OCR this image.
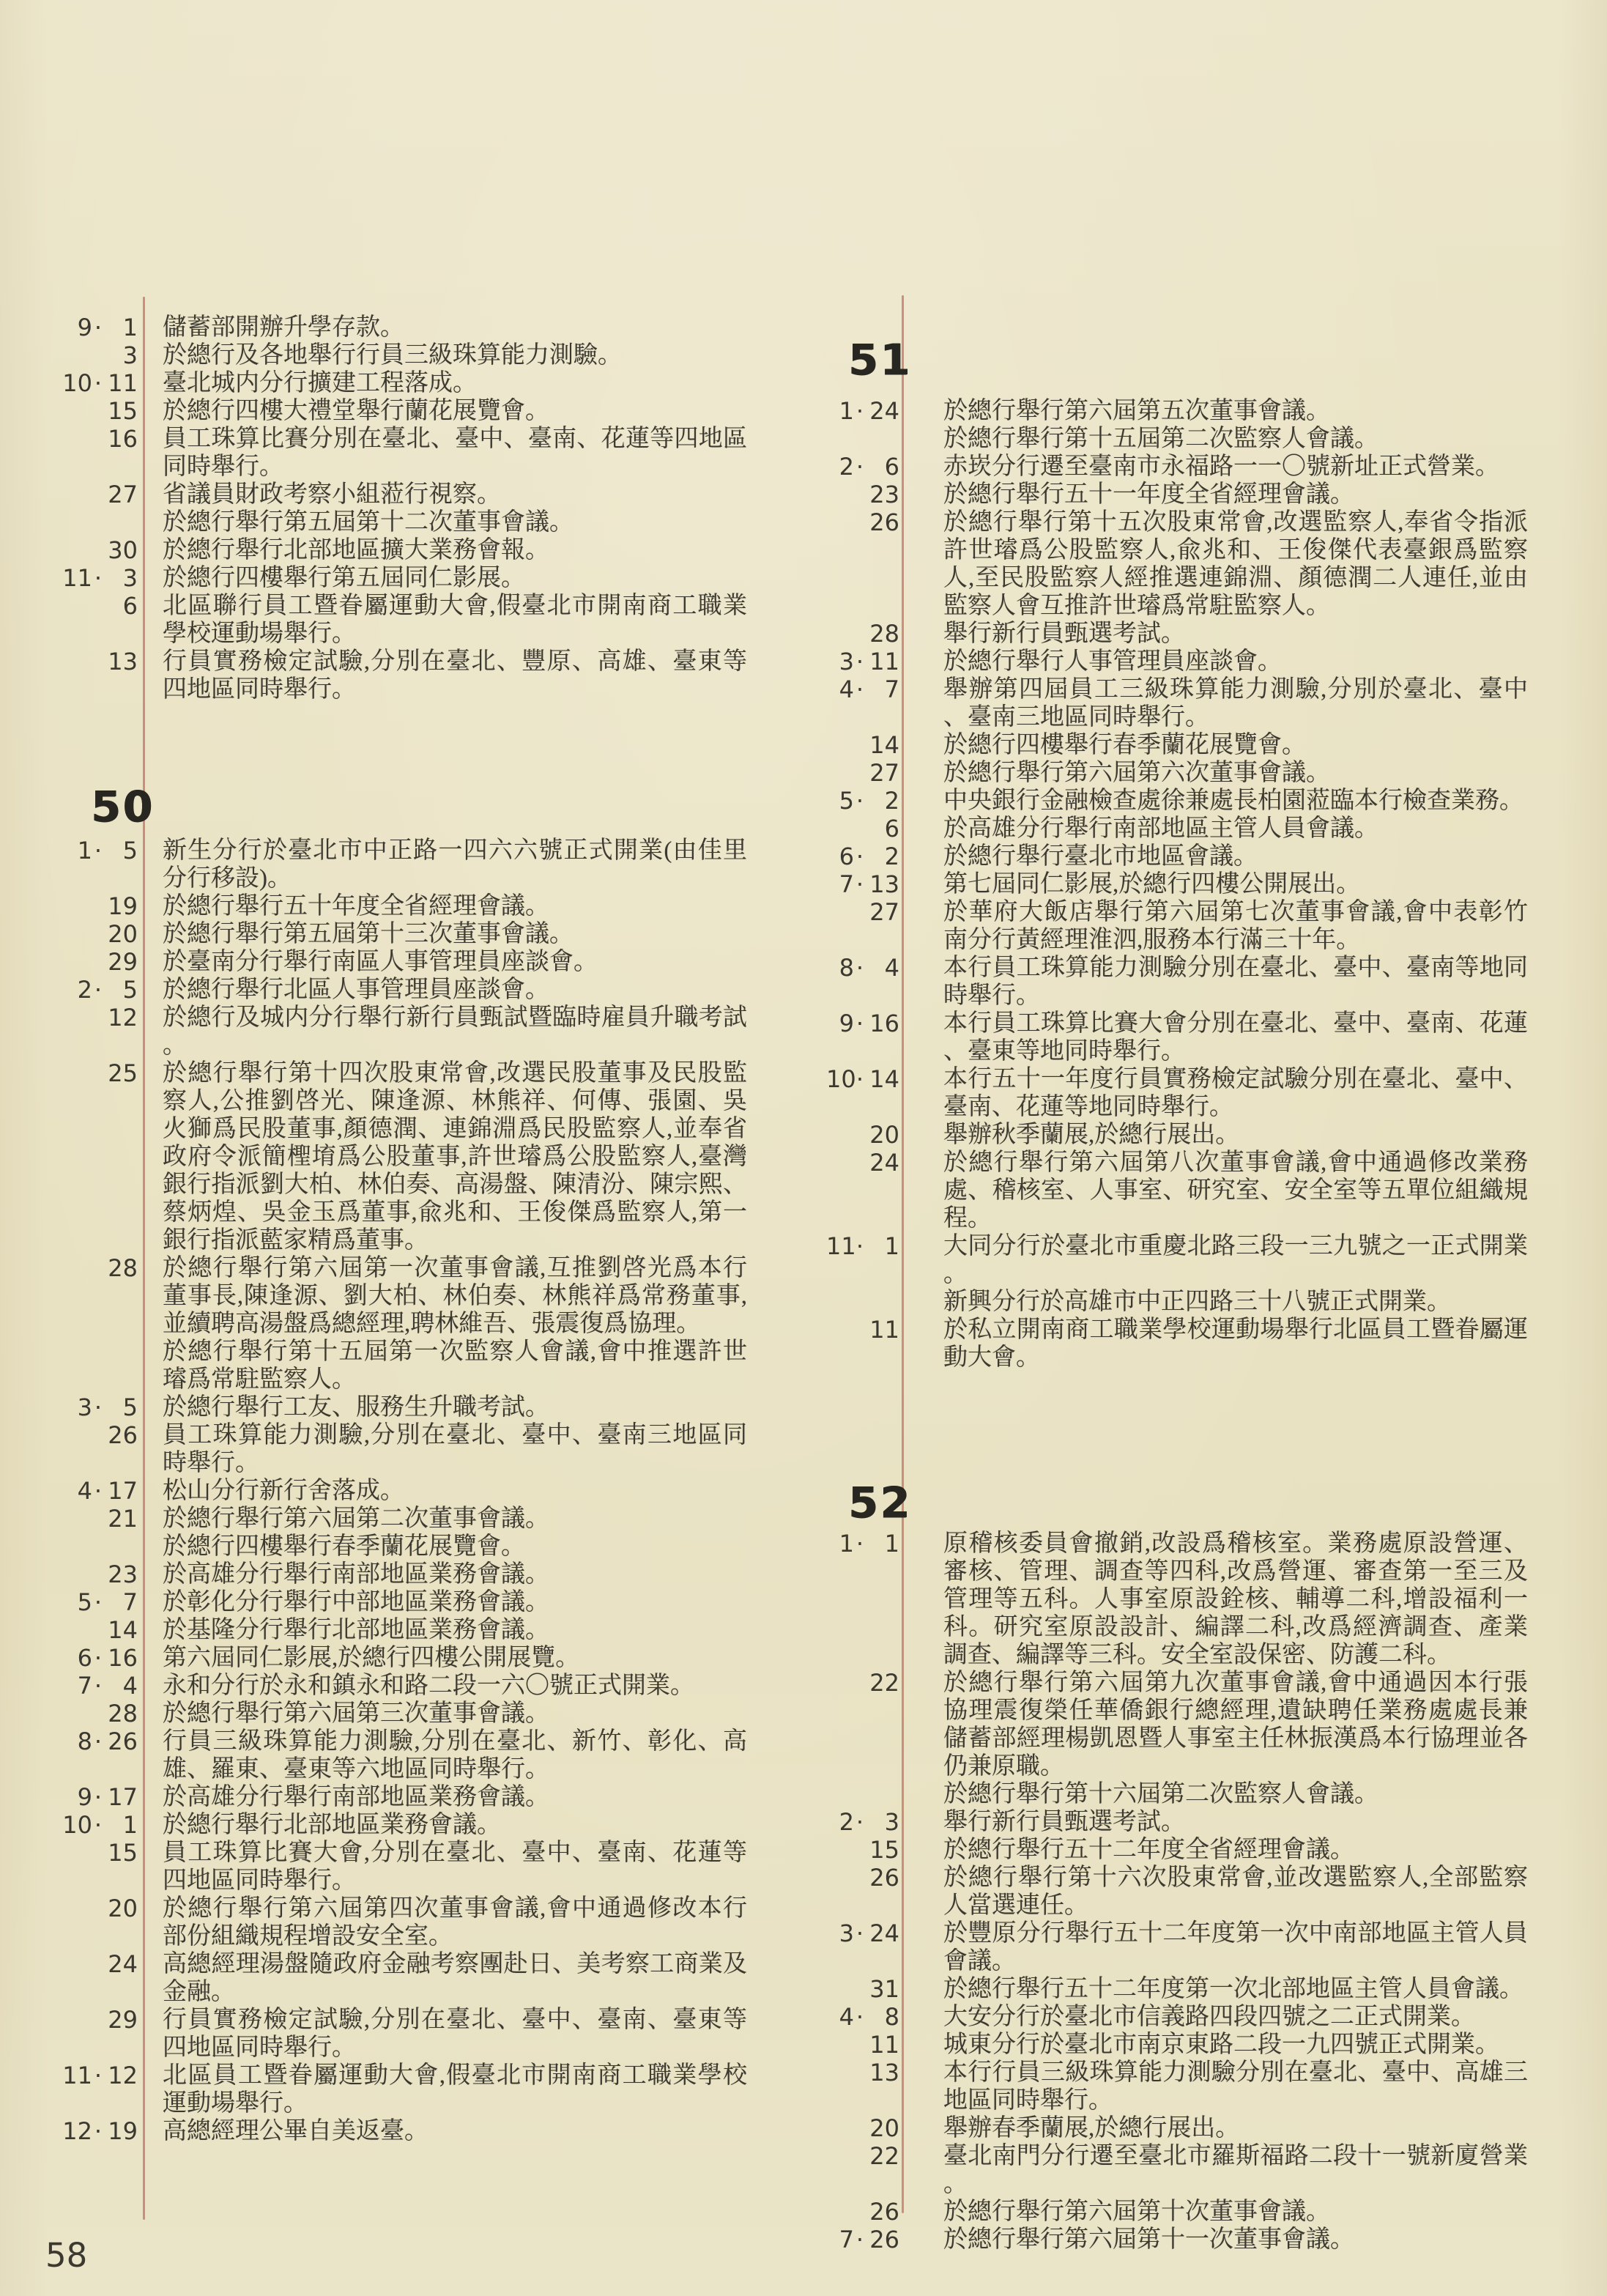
9 · 1 儲蓄部開辦升學存款。

3 於總行及各地舉行行員三級珠算能力測驗。

10 · 11 臺北城内分行擴建工程落成。

15 於總行四樓大禮堂舉行蘭花展覽會。

16 員工珠算比賽分別在臺北、臺中、臺南、花蓮等四地區同時舉行。

27 省議員財政考察小組蒞行視察。

於總行舉行第五屆第十二次董事會議。

30 於總行舉行北部地區擴大業務會報。

11 · 3 於總行四樓舉行第五屆同仁影展。

6 北區聯行員工暨眷屬運動大會,假臺北市開南商工職業學校運動場舉行。

13 行員實務檢定試驗,分別在臺北、豐原、高雄、臺東等四地區同時舉行。

50
1 · 5 新生分行於臺北市中正路一四六六號正式開業(由佳里分行移設)。

19 於總行舉行五十年度全省經理會議。

20 於總行舉行第五屆第十三次董事會議。

29 於臺南分行舉行南區人事管理員座談會。

2 · 5 於總行舉行北區人事管理員座談會。

12 於總行及城内分行舉行新行員甄試暨臨時雇員升職考試。

25 於總行舉行第十四次股東常會,改選民股董事及民股監察人,公推劉啓光、陳逢源、林熊祥、何傳、張園、吳火獅爲民股董事,顏德潤、連錦淵爲民股監察人,並奉省政府令派簡檉堉爲公股董事,許世璿爲公股監察人,臺灣銀行指派劉大柏、林伯奏、高湯盤、陳清汾、陳宗熙、蔡炳煌、吳金玉爲董事,兪兆和、王俊傑爲監察人,第一銀行指派藍家精爲董事。

28 於總行舉行第六屆第一次董事會議,互推劉啓光爲本行董事長,陳逢源、劉大柏、林伯奏、林熊祥爲常務董事,並續聘高湯盤爲總經理,聘林維吾、張震復爲協理。

於總行舉行第十五屆第一次監察人會議,會中推選許世璿爲常駐監察人。

3 · 5 於總行舉行工友、服務生升職考試。

26 員工珠算能力測驗,分別在臺北、臺中、臺南三地區同時舉行。

4 · 17 松山分行新行舍落成。

21 於總行舉行第六屆第二次董事會議。

於總行四樓舉行春季蘭花展覽會。

23 於高雄分行舉行南部地區業務會議。

5 · 7 於彰化分行舉行中部地區業務會議。

14 於基隆分行舉行北部地區業務會議。

6 · 16 第六屆同仁影展,於總行四樓公開展覽。

7 · 4 永和分行於永和鎮永和路二段一六〇號正式開業。

28 於總行舉行第六屆第三次董事會議。

8 · 26 行員三級珠算能力測驗,分別在臺北、新竹、彰化、高雄、羅東、臺東等六地區同時舉行。

9 · 17 於高雄分行舉行南部地區業務會議。

10 · 1 於總行舉行北部地區業務會議。

15 員工珠算比賽大會,分別在臺北、臺中、臺南、花蓮等四地區同時舉行。

20 於總行舉行第六屆第四次董事會議,會中通過修改本行部份組織規程增設安全室。

24 高總經理湯盤隨政府金融考察團赴日、美考察工商業及金融。

29 行員實務檢定試驗,分別在臺北、臺中、臺南、臺東等四地區同時舉行。

11 · 12 北區員工暨眷屬運動大會,假臺北市開南商工職業學校運動場舉行。

12 · 19 高總經理公畢自美返臺。

51
1 · 24 於總行舉行第六屆第五次董事會議。

於總行舉行第十五屆第二次監察人會議。

2 · 6 赤崁分行遷至臺南市永福路一一〇號新址正式營業。

23 於總行舉行五十一年度全省經理會議。

26 於總行舉行第十五次股東常會,改選監察人,奉省令指派許世璿爲公股監察人,兪兆和、王俊傑代表臺銀爲監察人,至民股監察人經推選連錦淵、顏德潤二人連任,並由監察人會互推許世璿爲常駐監察人。

28 舉行新行員甄選考試。

3 · 11 於總行舉行人事管理員座談會。

4 · 7 舉辦第四屆員工三級珠算能力測驗,分別於臺北、臺中、臺南三地區同時舉行。

14 於總行四樓舉行春季蘭花展覽會。

27 於總行舉行第六屆第六次董事會議。

5 · 2 中央銀行金融檢查處徐兼處長柏園蒞臨本行檢查業務。

6 於高雄分行舉行南部地區主管人員會議。

6 · 2 於總行舉行臺北市地區會議。

7 · 13 第七屆同仁影展,於總行四樓公開展出。

27 於華府大飯店舉行第六屆第七次董事會議,會中表彰竹南分行黃經理淮泗,服務本行滿三十年。

8 · 4 本行員工珠算能力測驗分別在臺北、臺中、臺南等地同時舉行。

9 · 16 本行員工珠算比賽大會分別在臺北、臺中、臺南、花蓮、臺東等地同時舉行。

10 · 14 本行五十一年度行員實務檢定試驗分別在臺北、臺中、臺南、花蓮等地同時舉行。

20 舉辦秋季蘭展,於總行展出。

24 於總行舉行第六屆第八次董事會議,會中通過修改業務處、稽核室、人事室、研究室、安全室等五單位組織規程。

11 · 1 大同分行於臺北市重慶北路三段一三九號之一正式開業。

新興分行於高雄市中正四路三十八號正式開業。

11 於私立開南商工職業學校運動場舉行北區員工暨眷屬運動大會。

52
1 · 1 原稽核委員會撤銷,改設爲稽核室。業務處原設營運、審核、管理、調查等四科,改爲營運、審查第一至三及管理等五科。人事室原設銓核、輔導二科,增設福利一科。研究室原設設計、編譯二科,改爲經濟調查、產業調查、編譯等三科。安全室設保密、防護二科。

22 於總行舉行第六屆第九次董事會議,會中通過因本行張協理震復榮任華僑銀行總經理,遺缺聘任業務處處長兼儲蓄部經理楊凱恩暨人事室主任林振漢爲本行協理並各仍兼原職。

於總行舉行第十六屆第二次監察人會議。

2 · 3 舉行新行員甄選考試。

15 於總行舉行五十二年度全省經理會議。

26 於總行舉行第十六次股東常會,並改選監察人,全部監察人當選連任。

3 · 24 於豐原分行舉行五十二年度第一次中南部地區主管人員會議。

31 於總行舉行五十二年度第一次北部地區主管人員會議。

4 · 8 大安分行於臺北市信義路四段四號之二正式開業。

11 城東分行於臺北市南京東路二段一九四號正式開業。

13 本行行員三級珠算能力測驗分別在臺北、臺中、高雄三地區同時舉行。

20 舉辦春季蘭展,於總行展出。

22 臺北南門分行遷至臺北市羅斯福路二段十一號新廈營業。

26 於總行舉行第六屆第十次董事會議。

7 · 26 於總行舉行第六屆第十一次董事會議。

58
